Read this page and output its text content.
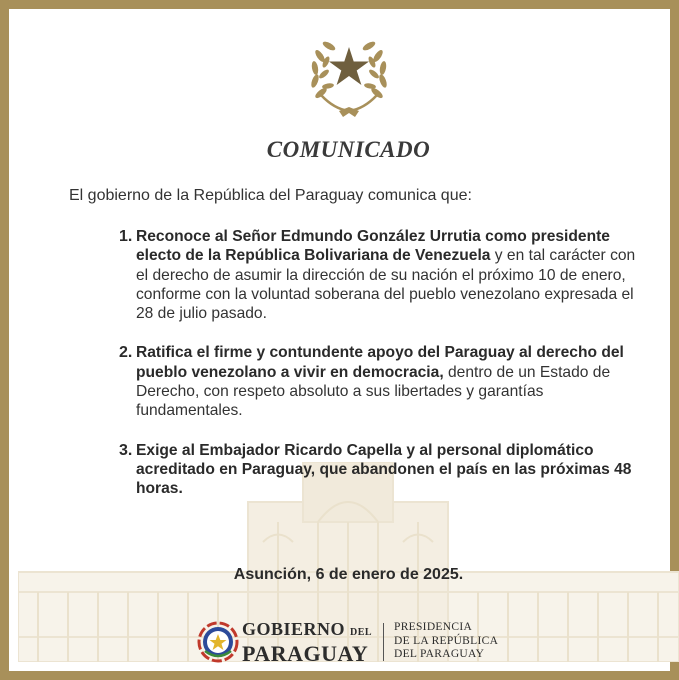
COMUNICADO

El gobierno de la República del Paraguay comunica que:

1. Reconoce al Señor Edmundo González Urrutia como presidente electo de la República Bolivariana de Venezuela y en tal carácter con el derecho de asumir la dirección de su nación el próximo 10 de enero, conforme con la voluntad soberana del pueblo venezolano expresada el 28 de julio pasado.
2. Ratifica el firme y contundente apoyo del Paraguay al derecho del pueblo venezolano a vivir en democracia, dentro de un Estado de Derecho, con respeto absoluto a sus libertades y garantías fundamentales.
3. Exige al Embajador Ricardo Capella y al personal diplomático acreditado en Paraguay, que abandonen el país en las próximas 48 horas.

Asunción, 6 de enero de 2025.

GOBIERNO DEL
PARAGUAY
PRESIDENCIA
DE LA REPÚBLICA
DEL PARAGUAY
